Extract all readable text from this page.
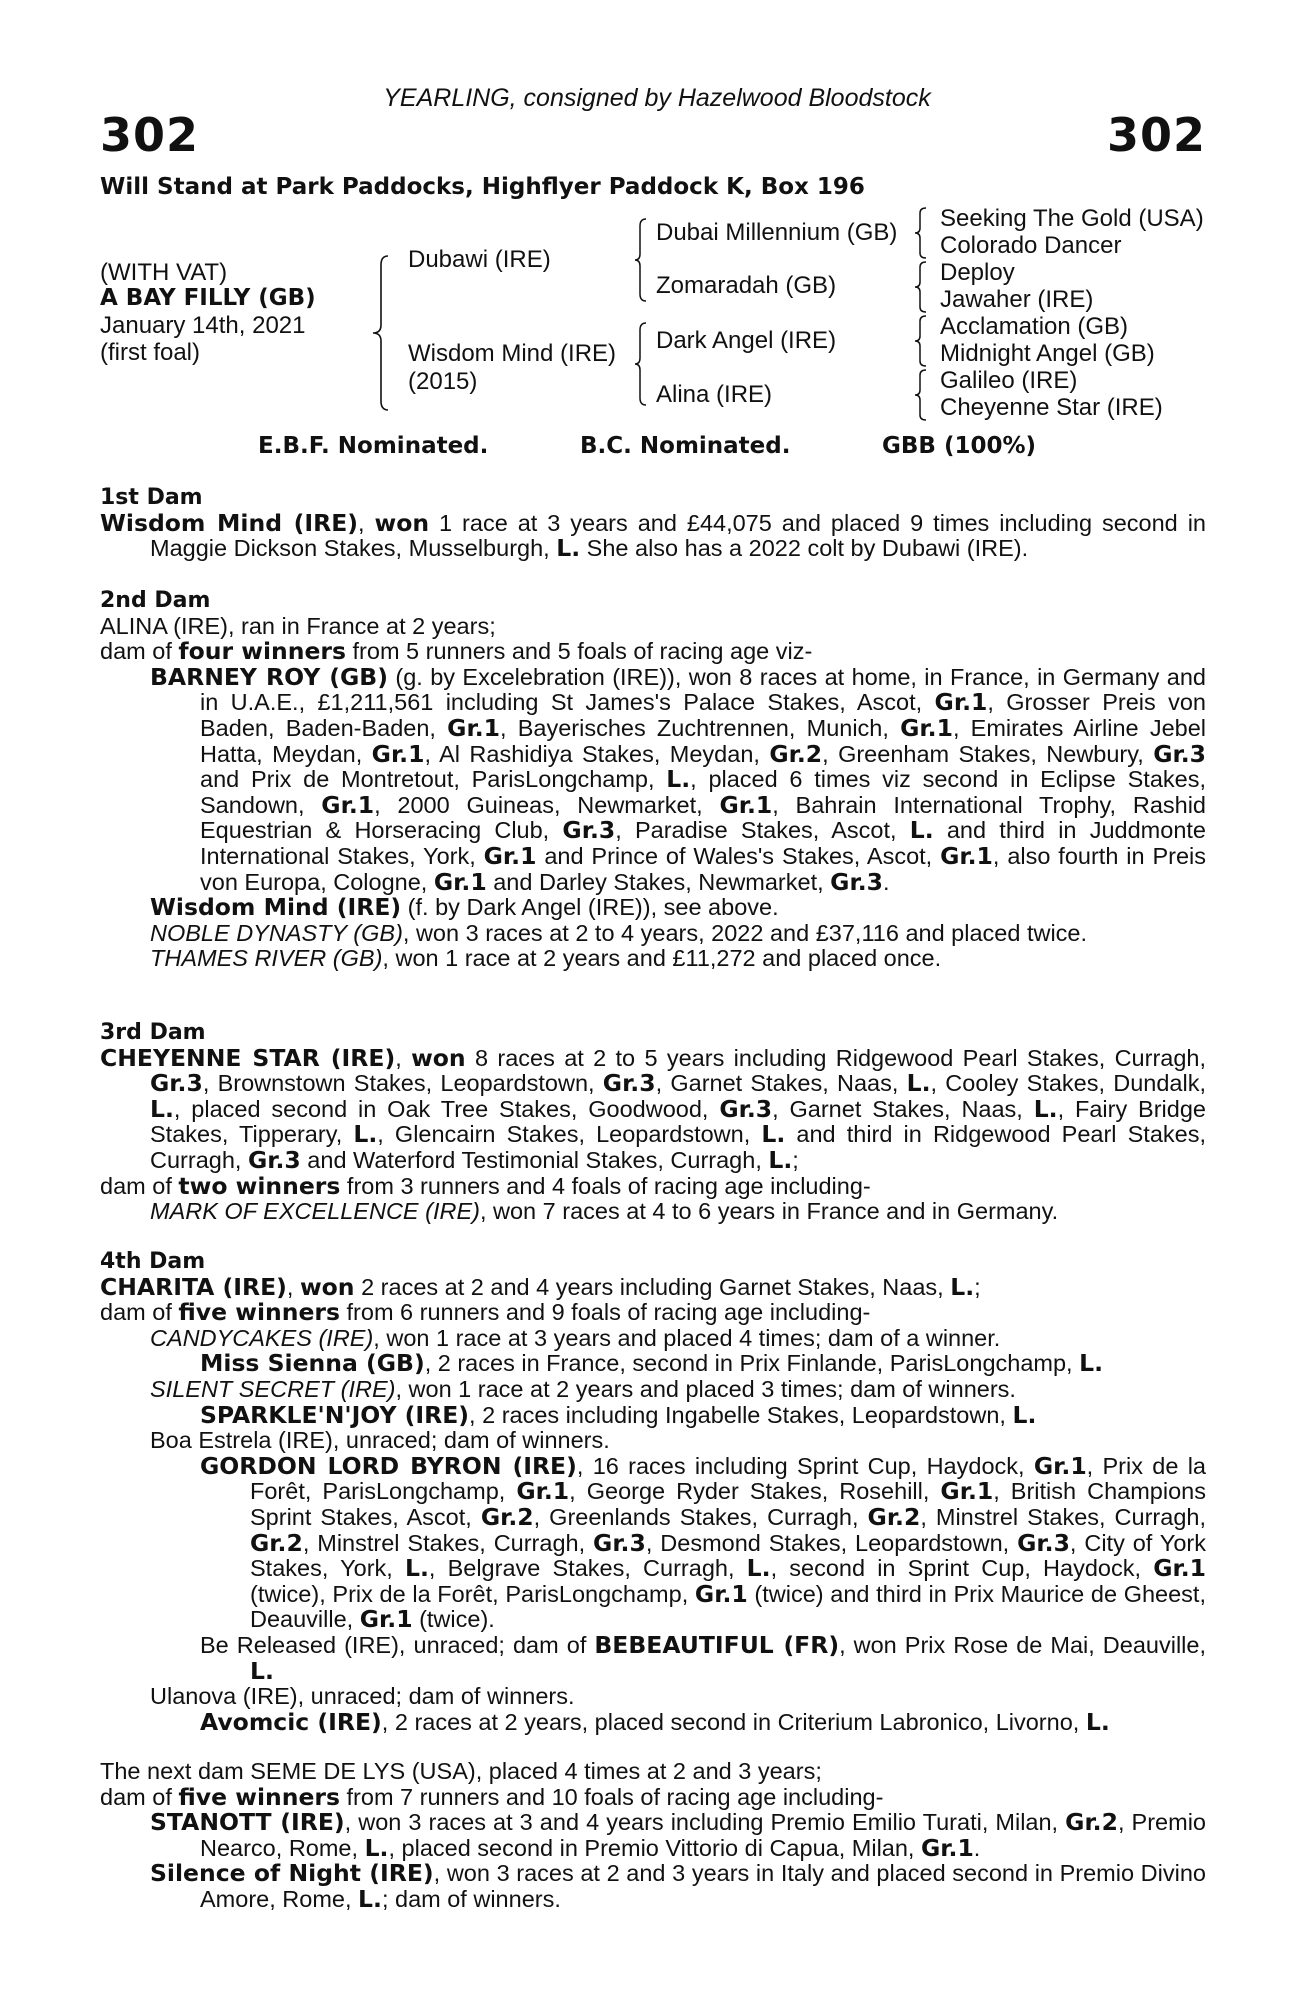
YEARLING, consigned by Hazelwood Bloodstock
302	302
Will Stand at Park Paddocks, Highflyer Paddock K, Box 196
(WITH VAT)
A BAY FILLY (GB)
January 14th, 2021
(first foal)
Dubawi (IRE)
Wisdom Mind (IRE)
(2015)
Dubai Millennium (GB)
Zomaradah (GB)
Dark Angel (IRE)
Alina (IRE)
Seeking The Gold (USA)
Colorado Dancer
Deploy
Jawaher (IRE)
Acclamation (GB)
Midnight Angel (GB)
Galileo (IRE)
Cheyenne Star (IRE)
E.B.F. Nominated.	B.C. Nominated.	GBB (100%)

1st Dam

Wisdom Mind (IRE), won 1 race at 3 years and £44,075 and placed 9 times including second in Maggie Dickson Stakes, Musselburgh, L. She also has a 2022 colt by Dubawi (IRE).

2nd Dam

ALINA (IRE), ran in France at 2 years;

dam of four winners from 5 runners and 5 foals of racing age viz-

BARNEY ROY (GB) (g. by Excelebration (IRE)), won 8 races at home, in France, in Germany and in U.A.E., £1,211,561 including St James's Palace Stakes, Ascot, Gr.1, Grosser Preis von Baden, Baden-Baden, Gr.1, Bayerisches Zuchtrennen, Munich, Gr.1, Emirates Airline Jebel Hatta, Meydan, Gr.1, Al Rashidiya Stakes, Meydan, Gr.2, Greenham Stakes, Newbury, Gr.3 and Prix de Montretout, ParisLongchamp, L., placed 6 times viz second in Eclipse Stakes, Sandown, Gr.1, 2000 Guineas, Newmarket, Gr.1, Bahrain International Trophy, Rashid Equestrian & Horseracing Club, Gr.3, Paradise Stakes, Ascot, L. and third in Juddmonte International Stakes, York, Gr.1 and Prince of Wales's Stakes, Ascot, Gr.1, also fourth in Preis von Europa, Cologne, Gr.1 and Darley Stakes, Newmarket, Gr.3.

Wisdom Mind (IRE) (f. by Dark Angel (IRE)), see above.

NOBLE DYNASTY (GB), won 3 races at 2 to 4 years, 2022 and £37,116 and placed twice.

THAMES RIVER (GB), won 1 race at 2 years and £11,272 and placed once.

3rd Dam

CHEYENNE STAR (IRE), won 8 races at 2 to 5 years including Ridgewood Pearl Stakes, Curragh, Gr.3, Brownstown Stakes, Leopardstown, Gr.3, Garnet Stakes, Naas, L., Cooley Stakes, Dundalk, L., placed second in Oak Tree Stakes, Goodwood, Gr.3, Garnet Stakes, Naas, L., Fairy Bridge Stakes, Tipperary, L., Glencairn Stakes, Leopardstown, L. and third in Ridgewood Pearl Stakes, Curragh, Gr.3 and Waterford Testimonial Stakes, Curragh, L.;

dam of two winners from 3 runners and 4 foals of racing age including-

MARK OF EXCELLENCE (IRE), won 7 races at 4 to 6 years in France and in Germany.

4th Dam

CHARITA (IRE), won 2 races at 2 and 4 years including Garnet Stakes, Naas, L.;

dam of five winners from 6 runners and 9 foals of racing age including-

CANDYCAKES (IRE), won 1 race at 3 years and placed 4 times; dam of a winner.

Miss Sienna (GB), 2 races in France, second in Prix Finlande, ParisLongchamp, L.

SILENT SECRET (IRE), won 1 race at 2 years and placed 3 times; dam of winners.

SPARKLE'N'JOY (IRE), 2 races including Ingabelle Stakes, Leopardstown, L.

Boa Estrela (IRE), unraced; dam of winners.

GORDON LORD BYRON (IRE), 16 races including Sprint Cup, Haydock, Gr.1, Prix de la Forêt, ParisLongchamp, Gr.1, George Ryder Stakes, Rosehill, Gr.1, British Champions Sprint Stakes, Ascot, Gr.2, Greenlands Stakes, Curragh, Gr.2, Minstrel Stakes, Curragh, Gr.2, Minstrel Stakes, Curragh, Gr.3, Desmond Stakes, Leopardstown, Gr.3, City of York Stakes, York, L., Belgrave Stakes, Curragh, L., second in Sprint Cup, Haydock, Gr.1 (twice), Prix de la Forêt, ParisLongchamp, Gr.1 (twice) and third in Prix Maurice de Gheest, Deauville, Gr.1 (twice).

Be Released (IRE), unraced; dam of BEBEAUTIFUL (FR), won Prix Rose de Mai, Deauville, L.

Ulanova (IRE), unraced; dam of winners.

Avomcic (IRE), 2 races at 2 years, placed second in Criterium Labronico, Livorno, L.

The next dam SEME DE LYS (USA), placed 4 times at 2 and 3 years;

dam of five winners from 7 runners and 10 foals of racing age including-

STANOTT (IRE), won 3 races at 3 and 4 years including Premio Emilio Turati, Milan, Gr.2, Premio Nearco, Rome, L., placed second in Premio Vittorio di Capua, Milan, Gr.1.

Silence of Night (IRE), won 3 races at 2 and 3 years in Italy and placed second in Premio Divino Amore, Rome, L.; dam of winners.
